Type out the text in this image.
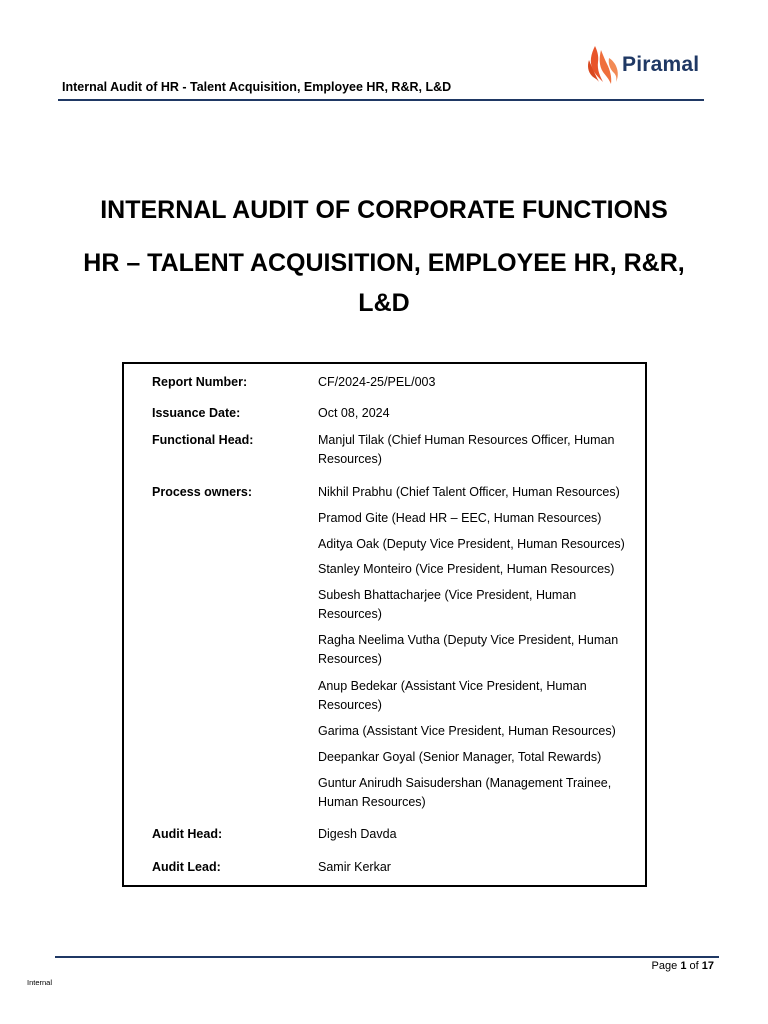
Internal Audit of HR - Talent Acquisition, Employee HR, R&R, L&D
Piramal
INTERNAL AUDIT OF CORPORATE FUNCTIONS
HR – TALENT ACQUISITION, EMPLOYEE HR, R&R,
L&D
Report Number:	CF/2024-25/PEL/003
Issuance Date:	Oct 08, 2024
Functional Head:	Manjul Tilak (Chief Human Resources Officer, Human Resources)
Process owners:	Nikhil Prabhu (Chief Talent Officer, Human Resources)
Pramod Gite (Head HR – EEC, Human Resources)
Aditya Oak (Deputy Vice President, Human Resources)
Stanley Monteiro (Vice President, Human Resources)
Subesh Bhattacharjee (Vice President, Human Resources)
Ragha Neelima Vutha (Deputy Vice President, Human Resources)
Anup Bedekar (Assistant Vice President, Human Resources)
Garima (Assistant Vice President, Human Resources)
Deepankar Goyal (Senior Manager, Total Rewards)
Guntur Anirudh Saisudershan (Management Trainee, Human Resources)
Audit Head:	Digesh Davda
Audit Lead:	Samir Kerkar
Page 1 of 17
Internal
